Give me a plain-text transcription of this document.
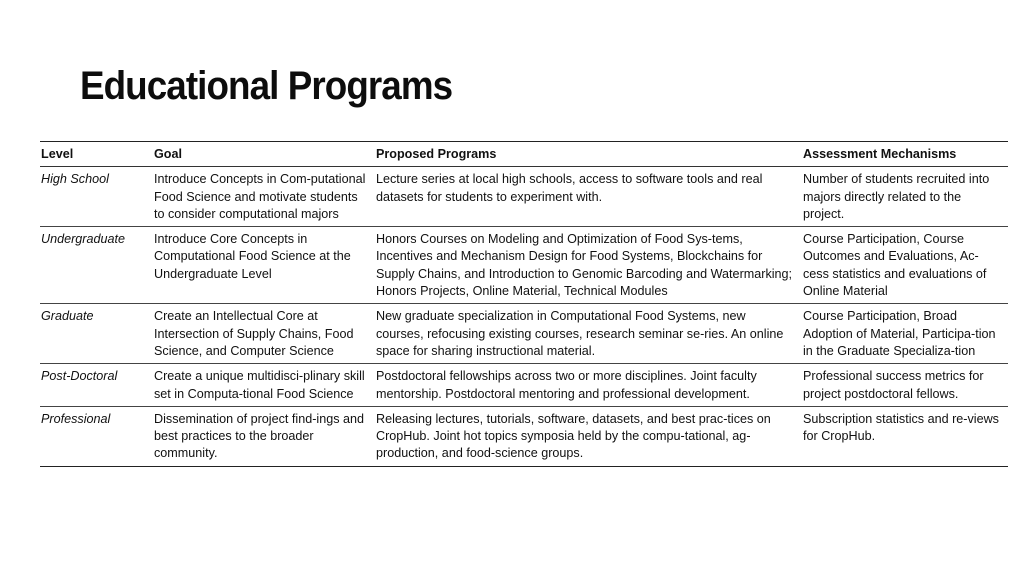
Educational Programs
Level	Goal	Proposed Programs	Assessment Mechanisms
High School	Introduce Concepts in Com-putational Food Science and motivate students to consider computational majors	Lecture series at local high schools, access to software tools and real datasets for students to experiment with.	Number of students recruited into majors directly related to the project.
Undergraduate	Introduce Core Concepts in Computational Food Science at the Undergraduate Level	Honors Courses on Modeling and Optimization of Food Sys-tems, Incentives and Mechanism Design for Food Systems, Blockchains for Supply Chains, and Introduction to Genomic Barcoding and Watermarking; Honors Projects, Online Material, Technical Modules	Course Participation, Course Outcomes and Evaluations, Ac-cess statistics and evaluations of Online Material
Graduate	Create an Intellectual Core at Intersection of Supply Chains, Food Science, and Computer Science	New graduate specialization in Computational Food Systems, new courses, refocusing existing courses, research seminar se-ries. An online space for sharing instructional material.	Course Participation, Broad Adoption of Material, Participa-tion in the Graduate Specializa-tion
Post-Doctoral	Create a unique multidisci-plinary skill set in Computa-tional Food Science	Postdoctoral fellowships across two or more disciplines. Joint faculty mentorship. Postdoctoral mentoring and professional development.	Professional success metrics for project postdoctoral fellows.
Professional	Dissemination of project find-ings and best practices to the broader community.	Releasing lectures, tutorials, software, datasets, and best prac-tices on CropHub. Joint hot topics symposia held by the compu-tational, ag-production, and food-science groups.	Subscription statistics and re-views for CropHub.
